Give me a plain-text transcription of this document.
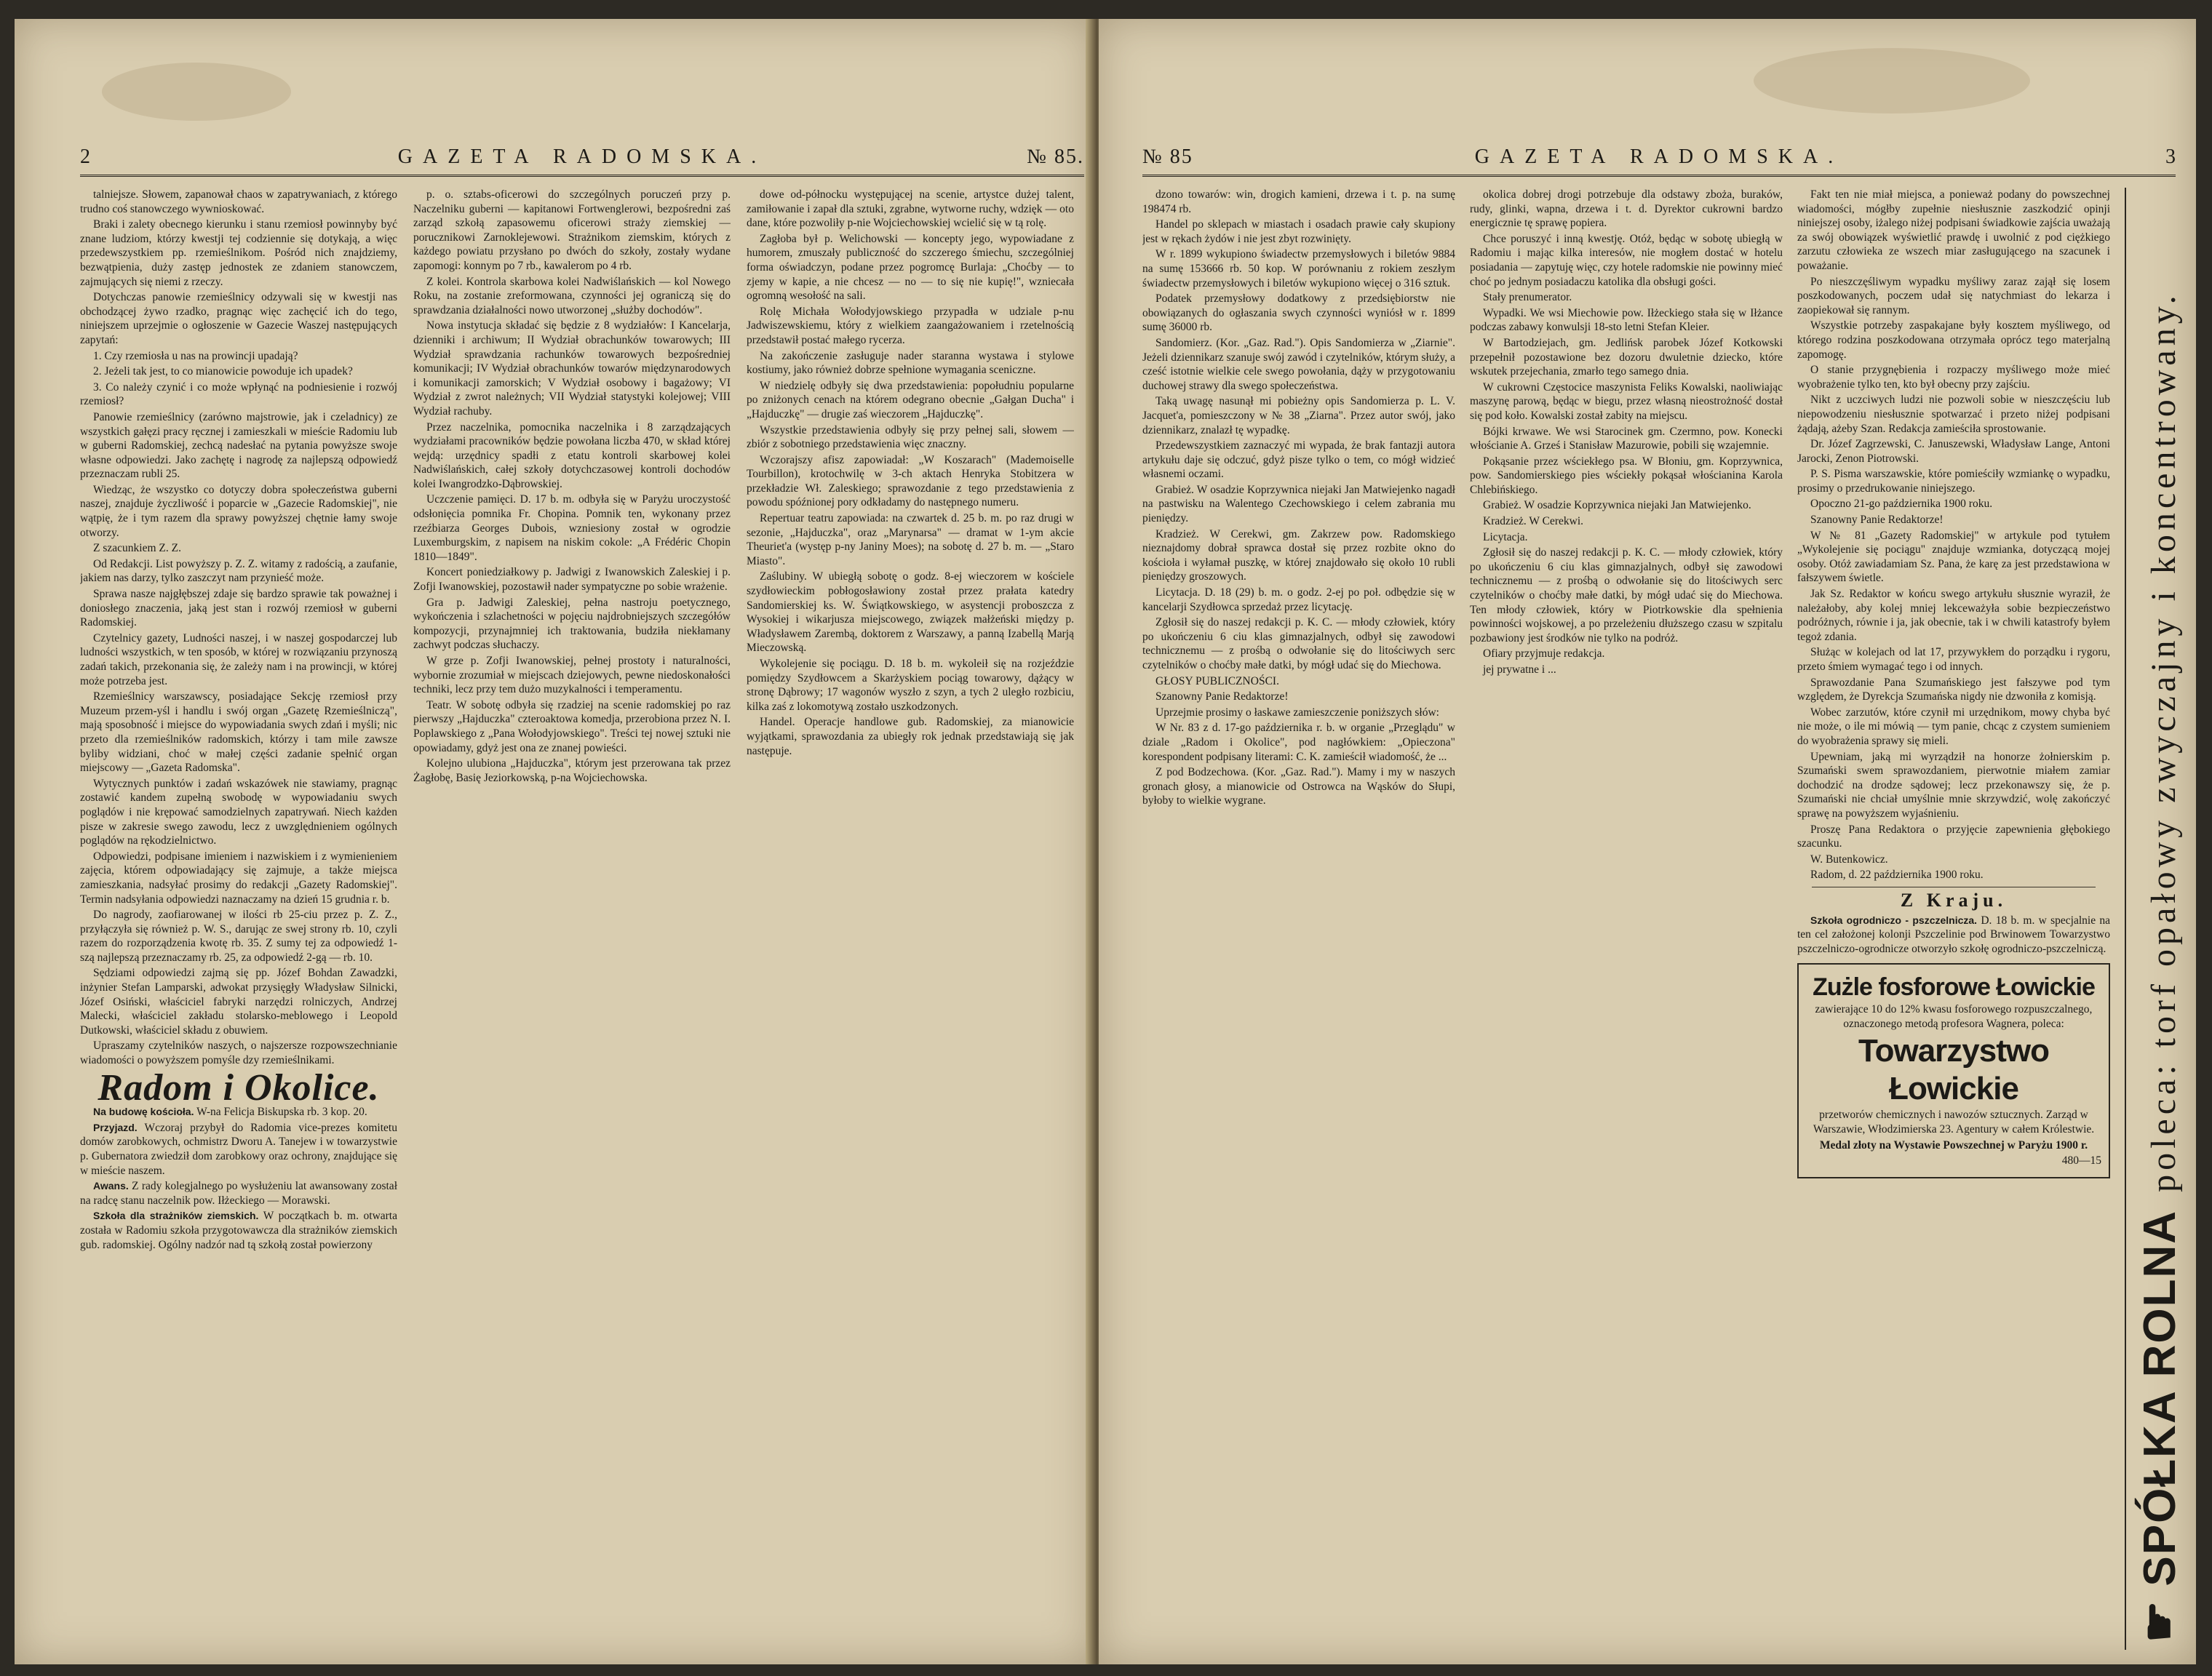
2	GAZETA RADOMSKA.	№ 85.

talniejsze. Słowem, zapanował chaos w zapatrywaniach, z którego trudno coś stanowczego wywnioskować.

Braki i zalety obecnego kierunku i stanu rzemiosł powinnyby być znane ludziom, którzy kwestji tej codziennie się dotykają, a więc przedewszystkiem pp. rzemieślnikom. Pośród nich znajdziemy, bezwątpienia, duży zastęp jednostek ze zdaniem stanowczem, zajmujących się niemi z rzeczy.

Dotychczas panowie rzemieślnicy odzywali się w kwestji nas obchodzącej żywo rzadko, pragnąc więc zachęcić ich do tego, niniejszem uprzejmie o ogłoszenie w Gazecie Waszej następujących zapytań:

1. Czy rzemiosła u nas na prowincji upadają?

2. Jeżeli tak jest, to co mianowicie powoduje ich upadek?

3. Co należy czynić i co może wpłynąć na podniesienie i rozwój rzemiosł?

Panowie rzemieślnicy (zarówno majstrowie, jak i czeladnicy) ze wszystkich gałęzi pracy ręcznej i zamieszkali w mieście Radomiu lub w guberni Radomskiej, zechcą nadesłać na pytania powyższe swoje własne odpowiedzi. Jako zachętę i nagrodę za najlepszą odpowiedź przeznaczam rubli 25.

Wiedząc, że wszystko co dotyczy dobra społeczeństwa guberni naszej, znajduje życzliwość i poparcie w „Gazecie Radomskiej", nie wątpię, że i tym razem dla sprawy powyższej chętnie łamy swoje otworzy.

Z szacunkiem Z. Z.

Od Redakcji. List powyższy p. Z. Z. witamy z radością, a zaufanie, jakiem nas darzy, tylko zaszczyt nam przynieść może.

Sprawa nasze najgłębszej zdaje się bardzo sprawie tak poważnej i doniosłego znaczenia, jaką jest stan i rozwój rzemiosł w guberni Radomskiej.

Czytelnicy gazety, Ludności naszej, i w naszej gospodarczej lub ludności wszystkich, w ten sposób, w której w rozwiązaniu przynoszą zadań takich, przekonania się, że zależy nam i na prowincji, w której może potrzeba jest.

Rzemieślnicy warszawscy, posiadające Sekcję rzemiosł przy Muzeum przem-yśl i handlu i swój organ „Gazetę Rzemieślniczą", mają sposobność i miejsce do wypowiadania swych zdań i myśli; nic przeto dla rzemieślników radomskich, którzy i tam mile zawsze byliby widziani, choć w małej części zadanie spełnić organ miejscowy — „Gazeta Radomska".

Wytycznych punktów i zadań wskazówek nie stawiamy, pragnąc zostawić kandem zupełną swobodę w wypowiadaniu swych poglądów i nie krępować samodzielnych zapatrywań. Niech każden pisze w zakresie swego zawodu, lecz z uwzględnieniem ogólnych poglądów na rękodzielnictwo.

Odpowiedzi, podpisane imieniem i nazwiskiem i z wymienieniem zajęcia, którem odpowiadający się zajmuje, a także miejsca zamieszkania, nadsyłać prosimy do redakcji „Gazety Radomskiej". Termin nadsyłania odpowiedzi naznaczamy na dzień 15 grudnia r. b.

Do nagrody, zaofiarowanej w ilości rb 25-ciu przez p. Z. Z., przyłączyła się również p. W. S., darując ze swej strony rb. 10, czyli razem do rozporządzenia kwotę rb. 35. Z sumy tej za odpowiedź 1-szą najlepszą przeznaczamy rb. 25, za odpowiedź 2-gą — rb. 10.

Sędziami odpowiedzi zajmą się pp. Józef Bohdan Zawadzki, inżynier Stefan Lamparski, adwokat przysięgły Władysław Silnicki, Józef Osiński, właściciel fabryki narzędzi rolniczych, Andrzej Malecki, właściciel zakładu stolarsko-meblowego i Leopold Dutkowski, właściciel składu z obuwiem.

Upraszamy czytelników naszych, o najszersze rozpowszechnianie wiadomości o powyższem pomyśle dzy rzemieślnikami.

Radom i Okolice.

Na budowę kościoła. W-na Felicja Biskupska rb. 3 kop. 20.

Przyjazd. Wczoraj przybył do Radomia vice-prezes komitetu domów zarobkowych, ochmistrz Dworu A. Tanejew i w towarzystwie p. Gubernatora zwiedził dom zarobkowy oraz ochrony, znajdujące się w mieście naszem.

Awans. Z rady kolegjalnego po wysłużeniu lat awansowany został na radcę stanu naczelnik pow. Iłżeckiego — Morawski.

Szkoła dla strażników ziemskich. W początkach b. m. otwarta została w Radomiu szkoła przygotowawcza dla strażników ziemskich gub. radomskiej. Ogólny nadzór nad tą szkołą został powierzony

p. o. sztabs-oficerowi do szczególnych poruczeń przy p. Naczelniku guberni — kapitanowi Fortwenglerowi, bezpośredni zaś zarząd szkołą zapasowemu oficerowi straży ziemskiej — porucznikowi Zarnoklejewowi. Strażnikom ziemskim, których z każdego powiatu przysłano po dwóch do szkoły, zostały wydane zapomogi: konnym po 7 rb., kawalerom po 4 rb.

Z kolei. Kontrola skarbowa kolei Nadwiślańskich — kol Nowego Roku, na zostanie zreformowana, czynności jej ograniczą się do sprawdzania działalności nowo utworzonej „służby dochodów".

Nowa instytucja składać się będzie z 8 wydziałów: I Kancelarja, dzienniki i archiwum; II Wydział obrachunków towarowych; III Wydział sprawdzania rachunków towarowych bezpośredniej komunikacji; IV Wydział obrachunków towarów międzynarodowych i komunikacji zamorskich; V Wydział osobowy i bagażowy; VI Wydział z zwrot należnych; VII Wydział statystyki kolejowej; VIII Wydział rachuby.

Przez naczelnika, pomocnika naczelnika i 8 zarządzających wydziałami pracowników będzie powołana liczba 470, w skład której wejdą: urzędnicy spadłi z etatu kontroli skarbowej kolei Nadwiślańskich, całej szkoły dotychczasowej kontroli dochodów kolei Iwangrodzko-Dąbrowskiej.

Uczczenie pamięci. D. 17 b. m. odbyła się w Paryżu uroczystość odsłonięcia pomnika Fr. Chopina. Pomnik ten, wykonany przez rzeźbiarza Georges Dubois, wzniesiony został w ogrodzie Luxemburgskim, z napisem na niskim cokole: „A Frédéric Chopin 1810—1849".

Koncert poniedziałkowy p. Jadwigi z Iwanowskich Zaleskiej i p. Zofji Iwanowskiej, pozostawił nader sympatyczne po sobie wrażenie.

Gra p. Jadwigi Zaleskiej, pełna nastroju poetycznego, wykończenia i szlachetności w pojęciu najdrobniejszych szczegółów kompozycji, przynajmniej ich traktowania, budziła niekłamany zachwyt podczas słuchaczy.

W grze p. Zofji Iwanowskiej, pełnej prostoty i naturalności, wybornie zrozumiał w miejscach dziejowych, pewne niedoskonałości techniki, lecz przy tem dużo muzykalności i temperamentu.

Teatr. W sobotę odbyła się rzadziej na scenie radomskiej po raz pierwszy „Hajduczka" czteroaktowa komedja, przerobiona przez N. I. Poplawskiego z „Pana Wołodyjowskiego". Treści tej nowej sztuki nie opowiadamy, gdyż jest ona ze znanej powieści.

Kolejno ulubiona „Hajduczka", którym jest przerowana tak przez Żagłobę, Basię Jeziorkowską, p-na Wojciechowska.

dowe od-północku występującej na scenie, artystce dużej talent, zamiłowanie i zapał dla sztuki, zgrabne, wytworne ruchy, wdzięk — oto dane, które pozwoliły p-nie Wojciechowskiej wcielić się w tą rolę.

Zagłoba był p. Welichowski — koncepty jego, wypowiadane z humorem, zmuszały publiczność do szczerego śmiechu, szczególniej forma oświadczyn, podane przez pogromcę Burlaja: „Choćby — to zjemy w kapie, a nie chcesz — no — to się nie kupię!", wzniecała ogromną wesołość na sali.

Rolę Michała Wołodyjowskiego przypadła w udziale p-nu Jadwiszewskiemu, który z wielkiem zaangażowaniem i rzetelnością przedstawił postać małego rycerza.

Na zakończenie zasługuje nader staranna wystawa i stylowe kostiumy, jako również dobrze spełnione wymagania sceniczne.

W niedzielę odbyły się dwa przedstawienia: popołudniu popularne po zniżonych cenach na którem odegrano obecnie „Gałgan Ducha" i „Hajduczkę" — drugie zaś wieczorem „Hajduczkę".

Wszystkie przedstawienia odbyły się przy pełnej sali, słowem — zbiór z sobotniego przedstawienia więc znaczny.

Wczorajszy afisz zapowiadał: „W Koszarach" (Mademoiselle Tourbillon), krotochwilę w 3-ch aktach Henryka Stobitzera w przekładzie Wł. Zaleskiego; sprawozdanie z tego przedstawienia z powodu spóźnionej pory odkładamy do następnego numeru.

Repertuar teatru zapowiada: na czwartek d. 25 b. m. po raz drugi w sezonie, „Hajduczka", oraz „Marynarsa" — dramat w 1-ym akcie Theuriet'a (występ p-ny Janiny Moes); na sobotę d. 27 b. m. — „Staro Miasto".

Zaślubiny. W ubiegłą sobotę o godz. 8-ej wieczorem w kościele szydłowieckim pobłogosławiony został przez prałata katedry Sandomierskiej ks. W. Świątkowskiego, w asystencji proboszcza z Wysokiej i wikarjusza miejscowego, związek małżeński między p. Władysławem Zarembą, doktorem z Warszawy, a panną Izabellą Marją Mieczowską.

Wykolejenie się pociągu. D. 18 b. m. wykoleił się na rozjeździe pomiędzy Szydłowcem a Skarżyskiem pociąg towarowy, dążący w stronę Dąbrowy; 17 wagonów wyszło z szyn, a tych 2 uległo rozbiciu, kilka zaś z lokomotywą zostało uszkodzonych.

Handel. Operacje handlowe gub. Radomskiej, za mianowicie wyjątkami, sprawozdania za ubiegły rok jednak przedstawiają się jak następuje.

№ 85	GAZETA RADOMSKA.	3

dzono towarów: win, drogich kamieni, drzewa i t. p. na sumę 198474 rb.

Handel po sklepach w miastach i osadach prawie cały skupiony jest w rękach żydów i nie jest zbyt rozwinięty.

W r. 1899 wykupiono świadectw przemysłowych i biletów 9884 na sumę 153666 rb. 50 kop. W porównaniu z rokiem zeszłym świadectw przemysłowych i biletów wykupiono więcej o 316 sztuk.

Podatek przemysłowy dodatkowy z przedsiębiorstw nie obowiązanych do ogłaszania swych czynności wyniósł w r. 1899 sumę 36000 rb.

Sandomierz. (Kor. „Gaz. Rad."). Opis Sandomierza w „Ziarnie". Jeżeli dziennikarz szanuje swój zawód i czytelników, którym służy, a cześć istotnie wielkie cele swego powołania, dąży w przygotowaniu duchowej strawy dla swego społeczeństwa.

Taką uwagę nasunął mi pobieżny opis Sandomierza p. L. V. Jacquet'a, pomieszczony w № 38 „Ziarna". Przez autor swój, jako dziennikarz, znalazł tę wypadkę.

Przedewszystkiem zaznaczyć mi wypada, że brak fantazji autora artykułu daje się odczuć, gdyż pisze tylko o tem, co mógł widzieć własnemi oczami.

Grabież. W osadzie Koprzywnica niejaki Jan Matwiejenko nagadł na pastwisku na Walentego Czechowskiego i celem zabrania mu pieniędzy.

Kradzież. W Cerekwi, gm. Zakrzew pow. Radomskiego nieznajdomy dobrał sprawca dostał się przez rozbite okno do kościoła i wyłamał puszkę, w której znajdowało się około 10 rubli pieniędzy groszowych.

Licytacja. D. 18 (29) b. m. o godz. 2-ej po poł. odbędzie się w kancelarji Szydłowca sprzedaż przez licytację.

Zgłosił się do naszej redakcji p. K. C. — młody człowiek, który po ukończeniu 6 ciu klas gimnazjalnych, odbył się zawodowi technicznemu — z prośbą o odwołanie się do litościwych serc czytelników o choćby małe datki, by mógł udać się do Miechowa.

GŁOSY PUBLICZNOŚCI.

Szanowny Panie Redaktorze!

Uprzejmie prosimy o łaskawe zamieszczenie poniższych słów:

W Nr. 83 z d. 17-go października r. b. w organie „Przeglądu" w dziale „Radom i Okolice", pod nagłówkiem: „Opieczona" korespondent podpisany literami: C. K. zamieścił wiadomość, że ...

Z pod Bodzechowa. (Kor. „Gaz. Rad."). Mamy i my w naszych gronach głosy, a mianowicie od Ostrowca na Wąsków do Słupi, byłoby to wielkie wygrane.

okolica dobrej drogi potrzebuje dla odstawy zboża, buraków, rudy, glinki, wapna, drzewa i t. d. Dyrektor cukrowni bardzo energicznie tę sprawę popiera.

Chce poruszyć i inną kwestję. Otóż, będąc w sobotę ubiegłą w Radomiu i mając kilka interesów, nie mogłem dostać w hotelu posiadania — zapytuję więc, czy hotele radomskie nie powinny mieć choć po jednym posiadaczu katolika dla obsługi gości.

Stały prenumerator.

Wypadki. We wsi Miechowie pow. Iłżeckiego stała się w Iłżance podczas zabawy konwulsji 18-sto letni Stefan Kleier.

W Bartodziejach, gm. Jedlińsk parobek Józef Kotkowski przepełnił pozostawione bez dozoru dwuletnie dziecko, które wskutek przejechania, zmarło tego samego dnia.

W cukrowni Częstocice maszynista Feliks Kowalski, naoliwiając maszynę parową, będąc w biegu, przez własną nieostrożność dostał się pod koło. Kowalski został zabity na miejscu.

Bójki krwawe. We wsi Starocinek gm. Czermno, pow. Konecki włościanie A. Grześ i Stanisław Mazurowie, pobili się wzajemnie.

Pokąsanie przez wściekłego psa. W Błoniu, gm. Koprzywnica, pow. Sandomierskiego pies wściekły pokąsał włościanina Karola Chlebińskiego.

Grabież. W osadzie Koprzywnica niejaki Jan Matwiejenko.

Kradzież. W Cerekwi.

Licytacja.

Zgłosił się do naszej redakcji p. K. C. — młody człowiek, który po ukończeniu 6 ciu klas gimnazjalnych, odbył się zawodowi technicznemu — z prośbą o odwołanie się do litościwych serc czytelników o choćby małe datki, by mógł udać się do Miechowa. Ten młody człowiek, który w Piotrkowskie dla spełnienia powinności wojskowej, a po przeleżeniu dłuższego czasu w szpitalu pozbawiony jest środków nie tylko na podróż.

Ofiary przyjmuje redakcja.

jej prywatne i ...

Fakt ten nie miał miejsca, a ponieważ podany do powszechnej wiadomości, mógłby zupełnie niesłusznie zaszkodzić opinji niniejszej osoby, iżalego niżej podpisani świadkowie zajścia uważają za swój obowiązek wyświetlić prawdę i uwolnić z pod ciężkiego zarzutu człowieka ze wszech miar zasługującego na szacunek i poważanie.

Po nieszczęśliwym wypadku myśliwy zaraz zajął się losem poszkodowanych, poczem udał się natychmiast do lekarza i zaopiekował się rannym.

Wszystkie potrzeby zaspakajane były kosztem myśliwego, od którego rodzina poszkodowana otrzymała oprócz tego materjalną zapomogę.

O stanie przygnębienia i rozpaczy myśliwego może mieć wyobrażenie tylko ten, kto był obecny przy zajściu.

Nikt z uczciwych ludzi nie pozwoli sobie w nieszczęściu lub niepowodzeniu niesłusznie spotwarzać i przeto niżej podpisani żądają, ażeby Szan. Redakcja zamieściła sprostowanie.

Dr. Józef Zagrzewski, C. Januszewski, Władysław Lange, Antoni Jarocki, Zenon Piotrowski.

P. S. Pisma warszawskie, które pomieściły wzmiankę o wypadku, prosimy o przedrukowanie niniejszego.

Opoczno 21-go października 1900 roku.

Szanowny Panie Redaktorze!

W № 81 „Gazety Radomskiej" w artykule pod tytułem „Wykolejenie się pociągu" znajduje wzmianka, dotyczącą mojej osoby. Otóż zawiadamiam Sz. Pana, że karę za jest przedstawiona w fałszywem świetle.

Jak Sz. Redaktor w końcu swego artykułu słusznie wyraził, że należałoby, aby kolej mniej lekceważyła sobie bezpieczeństwo podróżnych, równie i ja, jak obecnie, tak i w chwili katastrofy byłem tegoż zdania.

Służąc w kolejach od lat 17, przywykłem do porządku i rygoru, przeto śmiem wymagać tego i od innych.

Sprawozdanie Pana Szumańskiego jest fałszywe pod tym względem, że Dyrekcja Szumańska nigdy nie dzwoniła z komisją.

Wobec zarzutów, które czynił mi urzędnikom, mowy chyba być nie może, o ile mi mówią — tym panie, chcąc z czystem sumieniem do wyobrażenia sprawy się mieli.

Upewniam, jaką mi wyrządził na honorze żołnierskim p. Szumański swem sprawozdaniem, pierwotnie miałem zamiar dochodzić na drodze sądowej; lecz przekonawszy się, że p. Szumański nie chciał umyślnie mnie skrzywdzić, wolę zakończyć sprawę na powyższem wyjaśnieniu.

Proszę Pana Redaktora o przyjęcie zapewnienia głębokiego szacunku.

W. Butenkowicz.

Radom, d. 22 października 1900 roku.

Z Kraju.

Szkoła ogrodniczo - pszczelnicza. D. 18 b. m. w specjalnie na ten cel założonej kolonji Pszczelinie pod Brwinowem Towarzystwo pszczelniczo-ogrodnicze otworzyło szkołę ogrodniczo-pszczelniczą.

Zużle fosforowe Łowickie

zawierające 10 do 12% kwasu fosforowego rozpuszczalnego, oznaczonego metodą profesora Wagnera, poleca:

Towarzystwo Łowickie

przetworów chemicznych i nawozów sztucznych. Zarząd w Warszawie, Włodzimierska 23. Agentury w całem Królestwie.

Medal złoty na Wystawie Powszechnej w Paryżu 1900 r.

480—15

☛SPÓŁKA ROLNApoleca: torf opałowy zwyczajny i koncentrowany.
